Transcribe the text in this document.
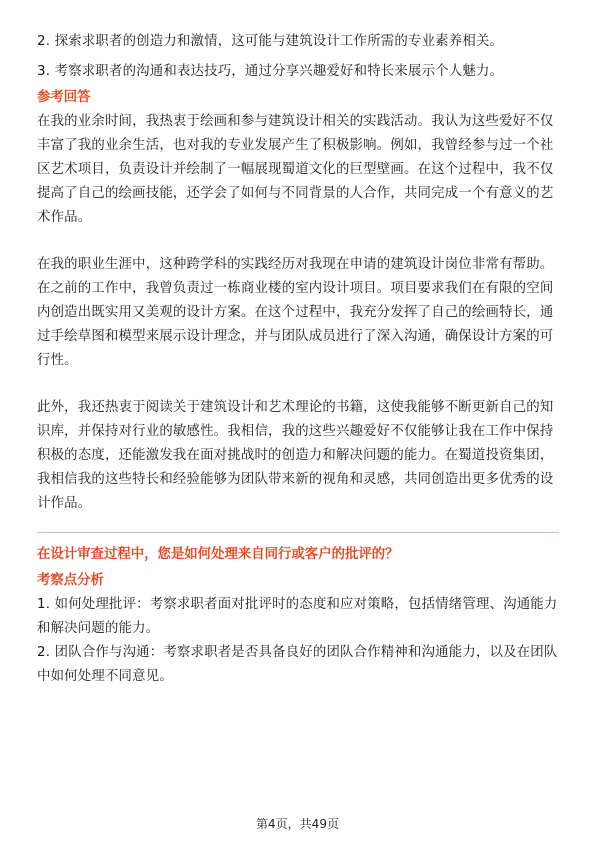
2. 探索求职者的创造力和激情，这可能与建筑设计工作所需的专业素养相关。

3. 考察求职者的沟通和表达技巧，通过分享兴趣爱好和特长来展示个人魅力。

参考回答

在我的业余时间，我热衷于绘画和参与建筑设计相关的实践活动。我认为这些爱好不仅丰富了我的业余生活，也对我的专业发展产生了积极影响。例如，我曾经参与过一个社区艺术项目，负责设计并绘制了一幅展现蜀道文化的巨型壁画。在这个过程中，我不仅提高了自己的绘画技能，还学会了如何与不同背景的人合作，共同完成一个有意义的艺术作品。

在我的职业生涯中，这种跨学科的实践经历对我现在申请的建筑设计岗位非常有帮助。在之前的工作中，我曾负责过一栋商业楼的室内设计项目。项目要求我们在有限的空间内创造出既实用又美观的设计方案。在这个过程中，我充分发挥了自己的绘画特长，通过手绘草图和模型来展示设计理念，并与团队成员进行了深入沟通，确保设计方案的可行性。

此外，我还热衷于阅读关于建筑设计和艺术理论的书籍，这使我能够不断更新自己的知识库，并保持对行业的敏感性。我相信，我的这些兴趣爱好不仅能够让我在工作中保持积极的态度，还能激发我在面对挑战时的创造力和解决问题的能力。在蜀道投资集团，我相信我的这些特长和经验能够为团队带来新的视角和灵感，共同创造出更多优秀的设计作品。

在设计审查过程中，您是如何处理来自同行或客户的批评的？

考察点分析

1. 如何处理批评：考察求职者面对批评时的态度和应对策略，包括情绪管理、沟通能力和解决问题的能力。

2. 团队合作与沟通：考察求职者是否具备良好的团队合作精神和沟通能力，以及在团队中如何处理不同意见。

第4页，共49页
